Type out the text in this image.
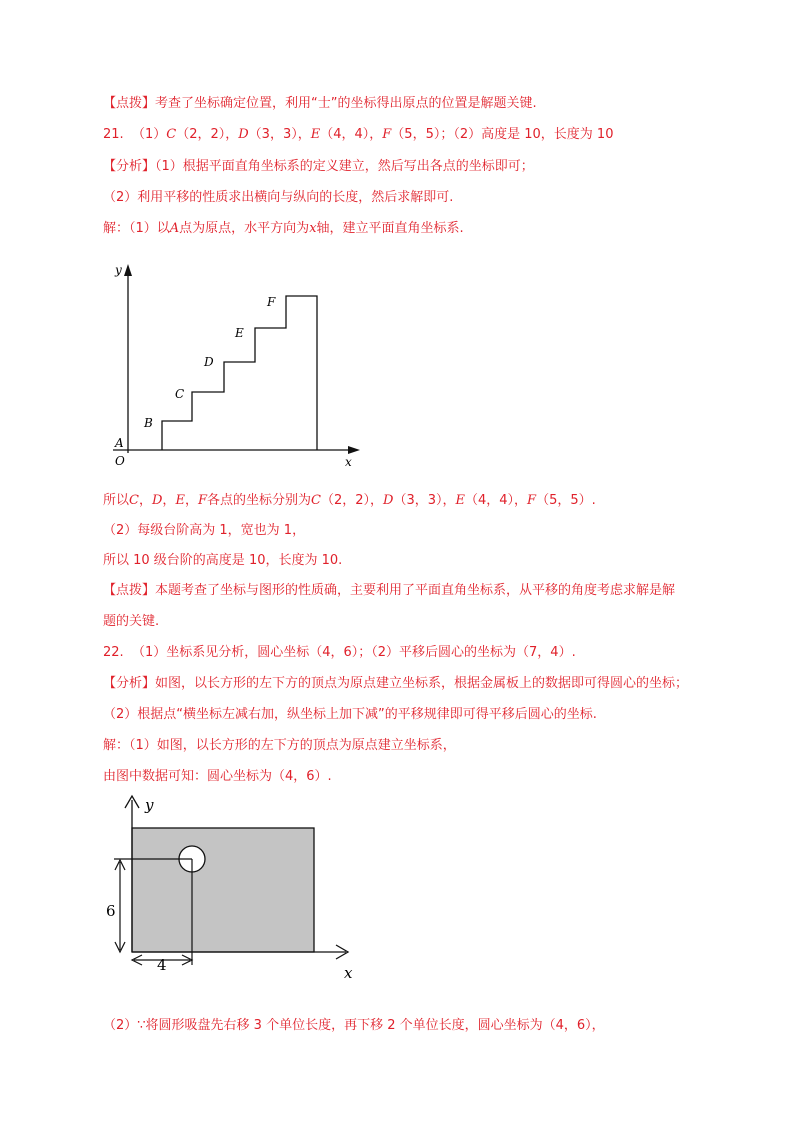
【点拨】考查了坐标确定位置，利用“士”的坐标得出原点的位置是解题关键.
21. （1）C（2，2），D（3，3），E（4，4），F（5，5）；（2）高度是 10，长度为 10
【分析】（1）根据平面直角坐标系的定义建立，然后写出各点的坐标即可；
（2）利用平移的性质求出横向与纵向的长度，然后求解即可.
解：（1）以A点为原点，水平方向为x轴，建立平面直角坐标系.
y
x
A
O
B
C
D
E
F
所以C，D，E，F各点的坐标分别为C（2，2），D（3，3），E（4，4），F（5，5）.
（2）每级台阶高为 1，宽也为 1，
所以 10 级台阶的高度是 10，长度为 10.
【点拨】本题考查了坐标与图形的性质确，主要利用了平面直角坐标系，从平移的角度考虑求解是解
题的关键.
22. （1）坐标系见分析，圆心坐标（4，6）；（2）平移后圆心的坐标为（7，4）.
【分析】如图，以长方形的左下方的顶点为原点建立坐标系，根据金属板上的数据即可得圆心的坐标；
（2）根据点“横坐标左减右加，纵坐标上加下减”的平移规律即可得平移后圆心的坐标.
解：（1）如图，以长方形的左下方的顶点为原点建立坐标系，
由图中数据可知：圆心坐标为（4，6）.
y
x
6
4
（2）∵将圆形吸盘先右移 3 个单位长度，再下移 2 个单位长度，圆心坐标为（4，6），
